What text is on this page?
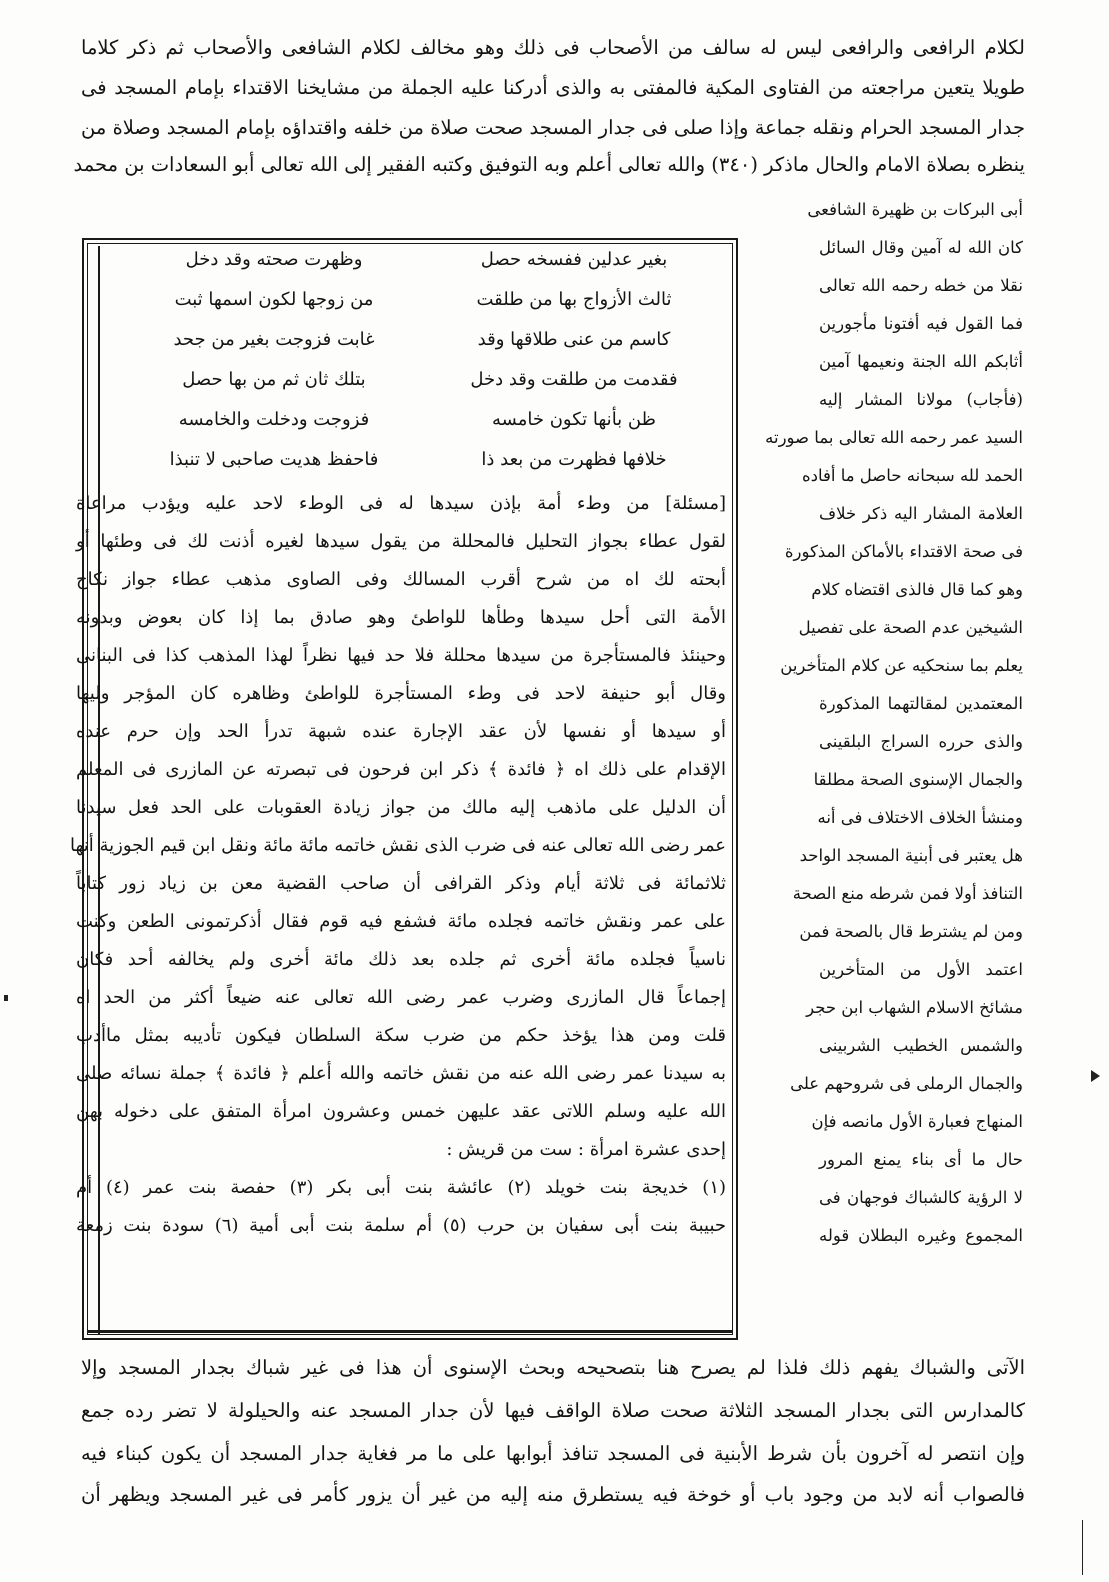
لكلام الرافعى والرافعى ليس له سالف من الأصحاب فى ذلك وهو مخالف لكلام الشافعى والأصحاب ثم ذكر كلاما
طويلا يتعين مراجعته من الفتاوى المكية فالمفتى به والذى أدركنا عليه الجملة من مشايخنا الاقتداء بإمام المسجد فى
جدار المسجد الحرام ونقله جماعة وإذا صلى فى جدار المسجد صحت صلاة من خلفه واقتداؤه بإمام المسجد وصلاة من
ينظره بصلاة الامام والحال ماذكر (٣٤٠) والله تعالى أعلم وبه التوفيق وكتبه الفقير إلى الله تعالى أبو السعادات بن محمد
أبى البركات بن ظهيرة الشافعى
كان الله له آمين وقال السائل
نقلا من خطه رحمه الله تعالى
فما القول فيه أفتونا مأجورين
أثابكم الله الجنة ونعيمها آمين
(فأجاب) مولانا المشار إليه
السيد عمر رحمه الله تعالى بما صورته
الحمد لله سبحانه حاصل ما أفاده
العلامة المشار اليه ذكر خلاف
فى صحة الاقتداء بالأماكن المذكورة
وهو كما قال فالذى اقتضاه كلام
الشيخين عدم الصحة على تفصيل
يعلم بما سنحكيه عن كلام المتأخرين
المعتمدين لمقالتهما المذكورة
والذى حرره السراج البلقينى
والجمال الإسنوى الصحة مطلقا
ومنشأ الخلاف الاختلاف فى أنه
هل يعتبر فى أبنية المسجد الواحد
التنافذ أولا فمن شرطه منع الصحة
ومن لم يشترط قال بالصحة فمن
اعتمد الأول من المتأخرين
مشائخ الاسلام الشهاب ابن حجر
والشمس الخطيب الشربينى
والجمال الرملى فى شروحهم على
المنهاج فعبارة الأول مانصه فإن
حال ما أى بناء يمنع المرور
لا الرؤية كالشباك فوجهان فى
المجموع وغيره البطلان قوله
بغير عدلين ففسخه حصل
وظهرت صحته وقد دخل
ثالث الأزواج بها من طلقت
من زوجها لكون اسمها ثبت
كاسم من عنى طلاقها وقد
غابت فزوجت بغير من جحد
فقدمت من طلقت وقد دخل
بتلك ثان ثم من بها حصل
ظن بأنها تكون خامسه
فزوجت ودخلت والخامسه
خلافها فظهرت من بعد ذا
فاحفظ هديت صاحبى لا تنبذا
[مسئلة] من وطء أمة بإذن سيدها له فى الوطء لاحد عليه ويؤدب مراعاة
لقول عطاء بجواز التحليل فالمحللة من يقول سيدها لغيره أذنت لك فى وطئها أو
أبحته لك اه من شرح أقرب المسالك وفى الصاوى مذهب عطاء جواز نكاح
الأمة التى أحل سيدها وطأها للواطئ وهو صادق بما إذا كان بعوض وبدونه
وحينئذ فالمستأجرة من سيدها محللة فلا حد فيها نظراً لهذا المذهب كذا فى البنانى
وقال أبو حنيفة لاحد فى وطء المستأجرة للواطئ وظاهره كان المؤجر وليها
أو سيدها أو نفسها لأن عقد الإجارة عنده شبهة تدرأ الحد وإن حرم عنده
الإقدام على ذلك اه ﴿ فائدة ﴾ ذكر ابن فرحون فى تبصرته عن المازرى فى المعلم
أن الدليل على ماذهب إليه مالك من جواز زيادة العقوبات على الحد فعل سيدنا
عمر رضى الله تعالى عنه فى ضرب الذى نقش خاتمه مائة مائة ونقل ابن قيم الجوزية أنها
ثلاثمائة فى ثلاثة أيام وذكر القرافى أن صاحب القضية معن بن زياد زور كتاباً
على عمر ونقش خاتمه فجلده مائة فشفع فيه قوم فقال أذكرتمونى الطعن وكنت
ناسياً فجلده مائة أخرى ثم جلده بعد ذلك مائة أخرى ولم يخالفه أحد فكان
إجماعاً قال المازرى وضرب عمر رضى الله تعالى عنه ضيعاً أكثر من الحد اه
قلت ومن هذا يؤخذ حكم من ضرب سكة السلطان فيكون تأديبه بمثل ماأدب
به سيدنا عمر رضى الله عنه من نقش خاتمه والله أعلم ﴿ فائدة ﴾ جملة نسائه صلى
الله عليه وسلم اللاتى عقد عليهن خمس وعشرون امرأة المتفق على دخوله بهن
إحدى عشرة امرأة : ست من قريش :
(١) خديجة بنت خويلد (٢) عائشة بنت أبى بكر (٣) حفصة بنت عمر (٤) أم
حبيبة بنت أبى سفيان بن حرب (٥) أم سلمة بنت أبى أمية (٦) سودة بنت زمعة
الآتى والشباك يفهم ذلك فلذا لم يصرح هنا بتصحيحه وبحث الإسنوى أن هذا فى غير شباك بجدار المسجد وإلا
كالمدارس التى بجدار المسجد الثلاثة صحت صلاة الواقف فيها لأن جدار المسجد عنه والحيلولة لا تضر رده جمع
وإن انتصر له آخرون بأن شرط الأبنية فى المسجد تنافذ أبوابها على ما مر فغاية جدار المسجد أن يكون كبناء فيه
فالصواب أنه لابد من وجود باب أو خوخة فيه يستطرق منه إليه من غير أن يزور كأمر فى غير المسجد ويظهر أن
